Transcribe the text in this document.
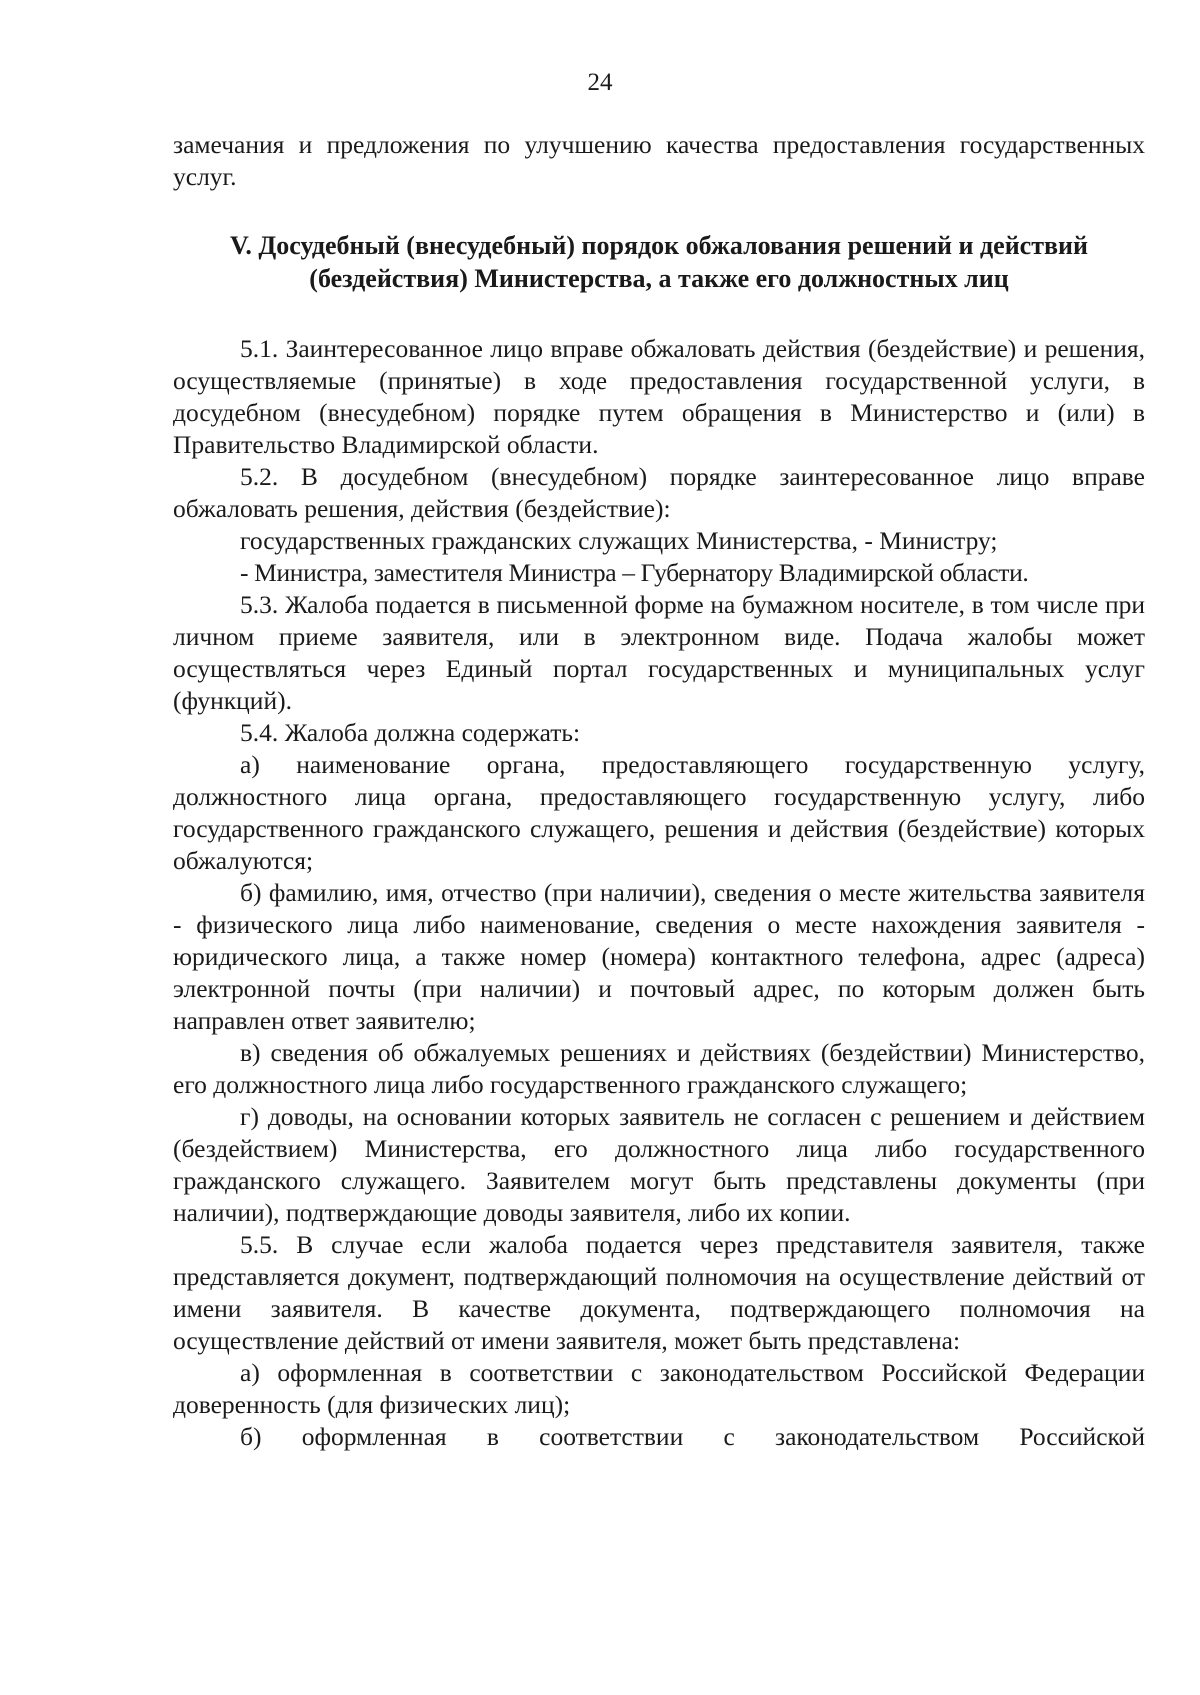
24

замечания и предложения по улучшению качества предоставления государственных услуг.

V. Досудебный (внесудебный) порядок обжалования решений и действий
(бездействия) Министерства, а также его должностных лиц

5.1. Заинтересованное лицо вправе обжаловать действия (бездействие) и решения, осуществляемые (принятые) в ходе предоставления государственной услуги, в досудебном (внесудебном) порядке путем обращения в Министерство и (или) в Правительство Владимирской области.

5.2. В досудебном (внесудебном) порядке заинтересованное лицо вправе обжаловать решения, действия (бездействие):

государственных гражданских служащих Министерства, - Министру;

- Министра, заместителя Министра – Губернатору Владимирской области.

5.3. Жалоба подается в письменной форме на бумажном носителе, в том числе при личном приеме заявителя, или в электронном виде. Подача жалобы может осуществляться через Единый портал государственных и муниципальных услуг (функций).

5.4. Жалоба должна содержать:

а) наименование органа, предоставляющего государственную услугу, должностного лица органа, предоставляющего государственную услугу, либо государственного гражданского служащего, решения и действия (бездействие) которых обжалуются;

б) фамилию, имя, отчество (при наличии), сведения о месте жительства заявителя - физического лица либо наименование, сведения о месте нахождения заявителя - юридического лица, а также номер (номера) контактного телефона, адрес (адреса) электронной почты (при наличии) и почтовый адрес, по которым должен быть направлен ответ заявителю;

в) сведения об обжалуемых решениях и действиях (бездействии) Министерство, его должностного лица либо государственного гражданского служащего;

г) доводы, на основании которых заявитель не согласен с решением и действием (бездействием) Министерства, его должностного лица либо государственного гражданского служащего. Заявителем могут быть представлены документы (при наличии), подтверждающие доводы заявителя, либо их копии.

5.5. В случае если жалоба подается через представителя заявителя, также представляется документ, подтверждающий полномочия на осуществление действий от имени заявителя. В качестве документа, подтверждающего полномочия на осуществление действий от имени заявителя, может быть представлена:

а) оформленная в соответствии с законодательством Российской Федерации доверенность (для физических лиц);

б) оформленная в соответствии с законодательством Российской
